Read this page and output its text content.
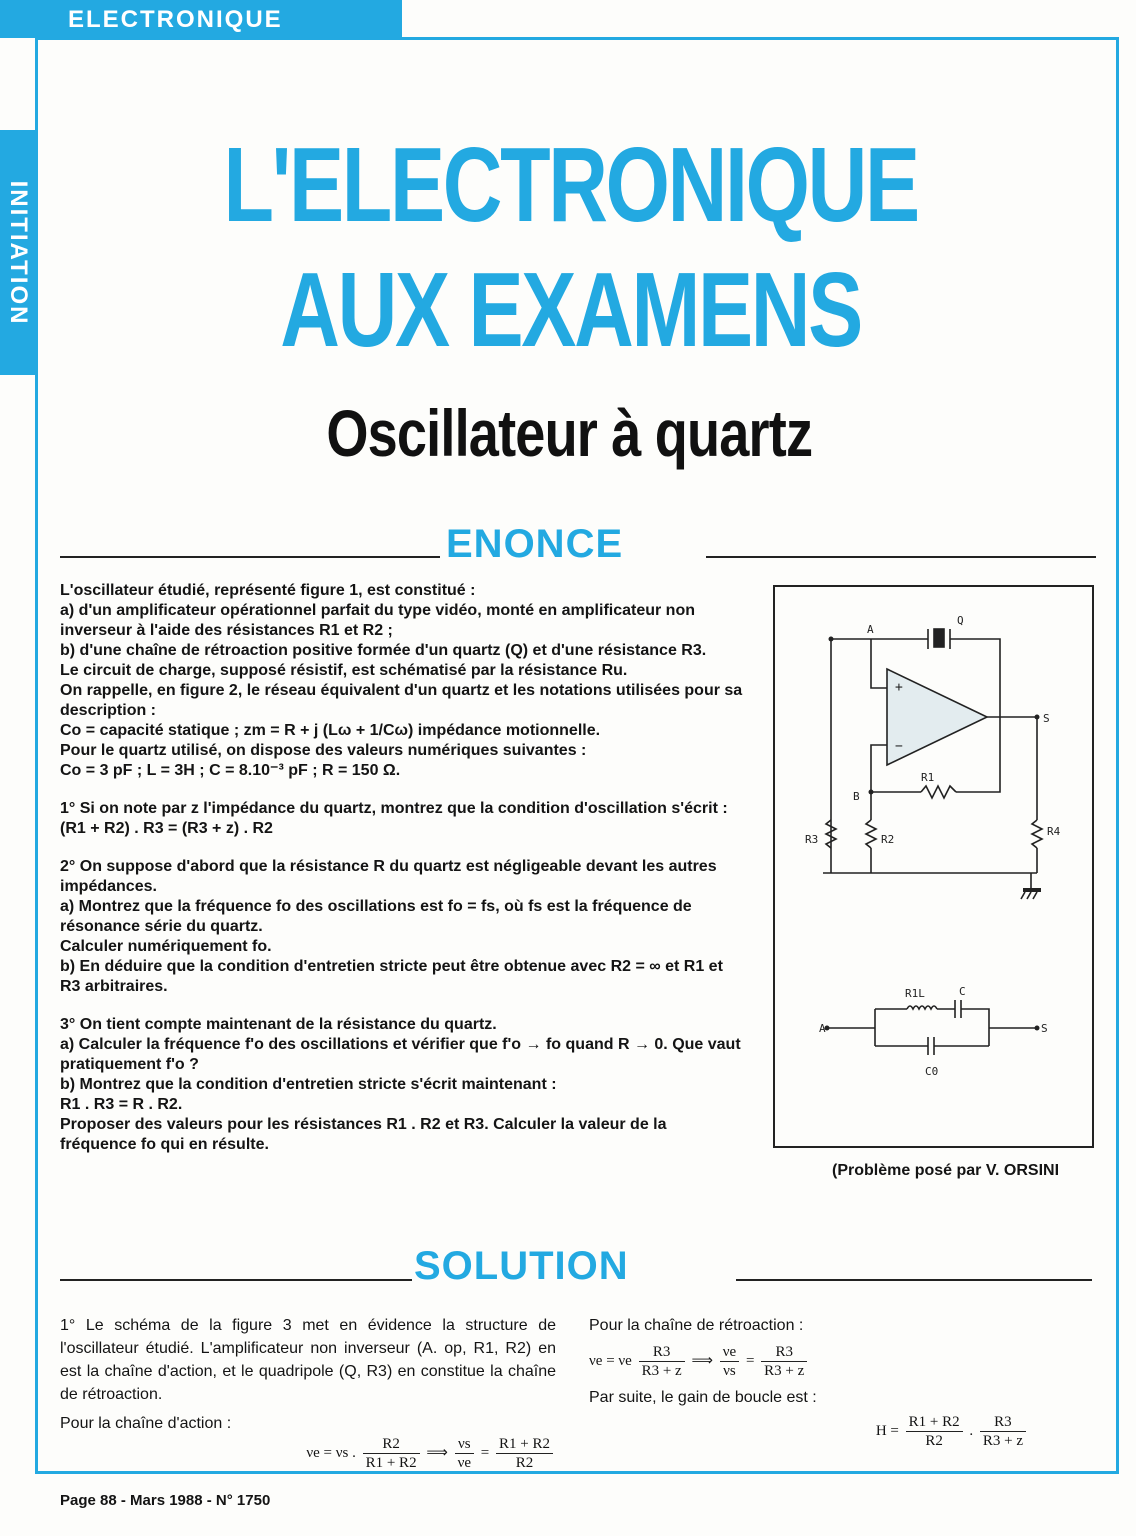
ELECTRONIQUE
INITIATION	L'ELECTRONIQUE
AUX EXAMENS
Oscillateur à quartz
ENONCE

L'oscillateur étudié, représenté figure 1, est constitué :

a) d'un amplificateur opérationnel parfait du type vidéo, monté en amplificateur non inverseur à l'aide des résistances R1 et R2 ;

b) d'une chaîne de rétroaction positive formée d'un quartz (Q) et d'une résistance R3.

Le circuit de charge, supposé résistif, est schématisé par la résistance Ru.

On rappelle, en figure 2, le réseau équivalent d'un quartz et les notations utilisées pour sa description :

Co = capacité statique ; zm = R + j (Lω + 1/Cω) impédance motionnelle.

Pour le quartz utilisé, on dispose des valeurs numériques suivantes :

Co = 3 pF ; L = 3H ; C = 8.10⁻³ pF ; R = 150 Ω.

1° Si on note par z l'impédance du quartz, montrez que la condition d'oscillation s'écrit : (R1 + R2) . R3 = (R3 + z) . R2

2° On suppose d'abord que la résistance R du quartz est négligeable devant les autres impédances.

a) Montrez que la fréquence fo des oscillations est fo = fs, où fs est la fréquence de résonance série du quartz.

Calculer numériquement fo.

b) En déduire que la condition d'entretien stricte peut être obtenue avec R2 = ∞ et R1 et R3 arbitraires.

3° On tient compte maintenant de la résistance du quartz.

a) Calculer la fréquence f'o des oscillations et vérifier que f'o → fo quand R → 0. Que vaut pratiquement f'o ?

b) Montrez que la condition d'entretien stricte s'écrit maintenant :

R1 . R3 = R . R2.

Proposer des valeurs pour les résistances R1 . R2 et R3. Calculer la valeur de la fréquence fo qui en résulte.

A
Q
S
B
R1
R2
R3
R4
+
−
A	S
R1L	C
C0
(Problème posé par V. ORSINI
SOLUTION
1° Le schéma de la figure 3 met en évidence la structure de l'oscillateur étudié. L'amplificateur non inverseur (A. op, R1, R2) en est la chaîne d'action, et le quadripole (Q, R3) en constitue la chaîne de rétroaction.
Pour la chaîne d'action :
νe = νs . $\frac{R2}{R1 + R2}$ ⟹ $\frac{\nu s}{\nu e} = \frac{R1 + R2}{R2}$
Pour la chaîne de rétroaction :
νe = νe $\frac{R3}{R3 + z}$ ⟹ $\frac{\nu e}{\nu s} = \frac{R3}{R3 + z}$
Par suite, le gain de boucle est :
$H = \frac{R1 + R2}{R2}$ . $\frac{R3}{R3 + z}$
Page 88 - Mars 1988 - N° 1750
